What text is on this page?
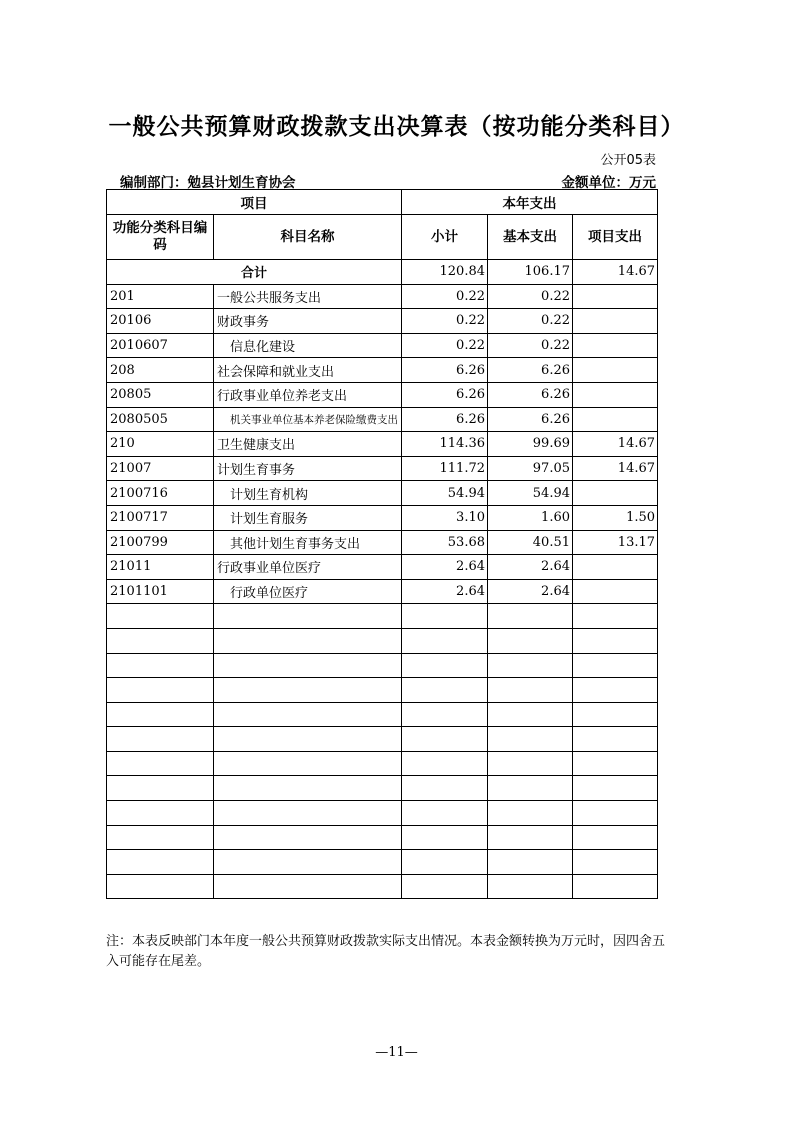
一般公共预算财政拨款支出决算表（按功能分类科目）
公开05表
编制部门：勉县计划生育协会	金额单位：万元
项目		本年支出		
功能分类科目编码	科目名称	小计	基本支出	项目支出
合计		120.84	106.17	14.67
201	一般公共服务支出	0.22	0.22	
20106	财政事务	0.22	0.22	
2010607	信息化建设	0.22	0.22	
208	社会保障和就业支出	6.26	6.26	
20805	行政事业单位养老支出	6.26	6.26	
2080505	机关事业单位基本养老保险缴费支出	6.26	6.26	
210	卫生健康支出	114.36	99.69	14.67
21007	计划生育事务	111.72	97.05	14.67
2100716	计划生育机构	54.94	54.94	
2100717	计划生育服务	3.10	1.60	1.50
2100799	其他计划生育事务支出	53.68	40.51	13.17
21011	行政事业单位医疗	2.64	2.64	
2101101	行政单位医疗	2.64	2.64	

注：本表反映部门本年度一般公共预算财政拨款实际支出情况。本表金额转换为万元时，因四舍五入可能存在尾差。
—11—
